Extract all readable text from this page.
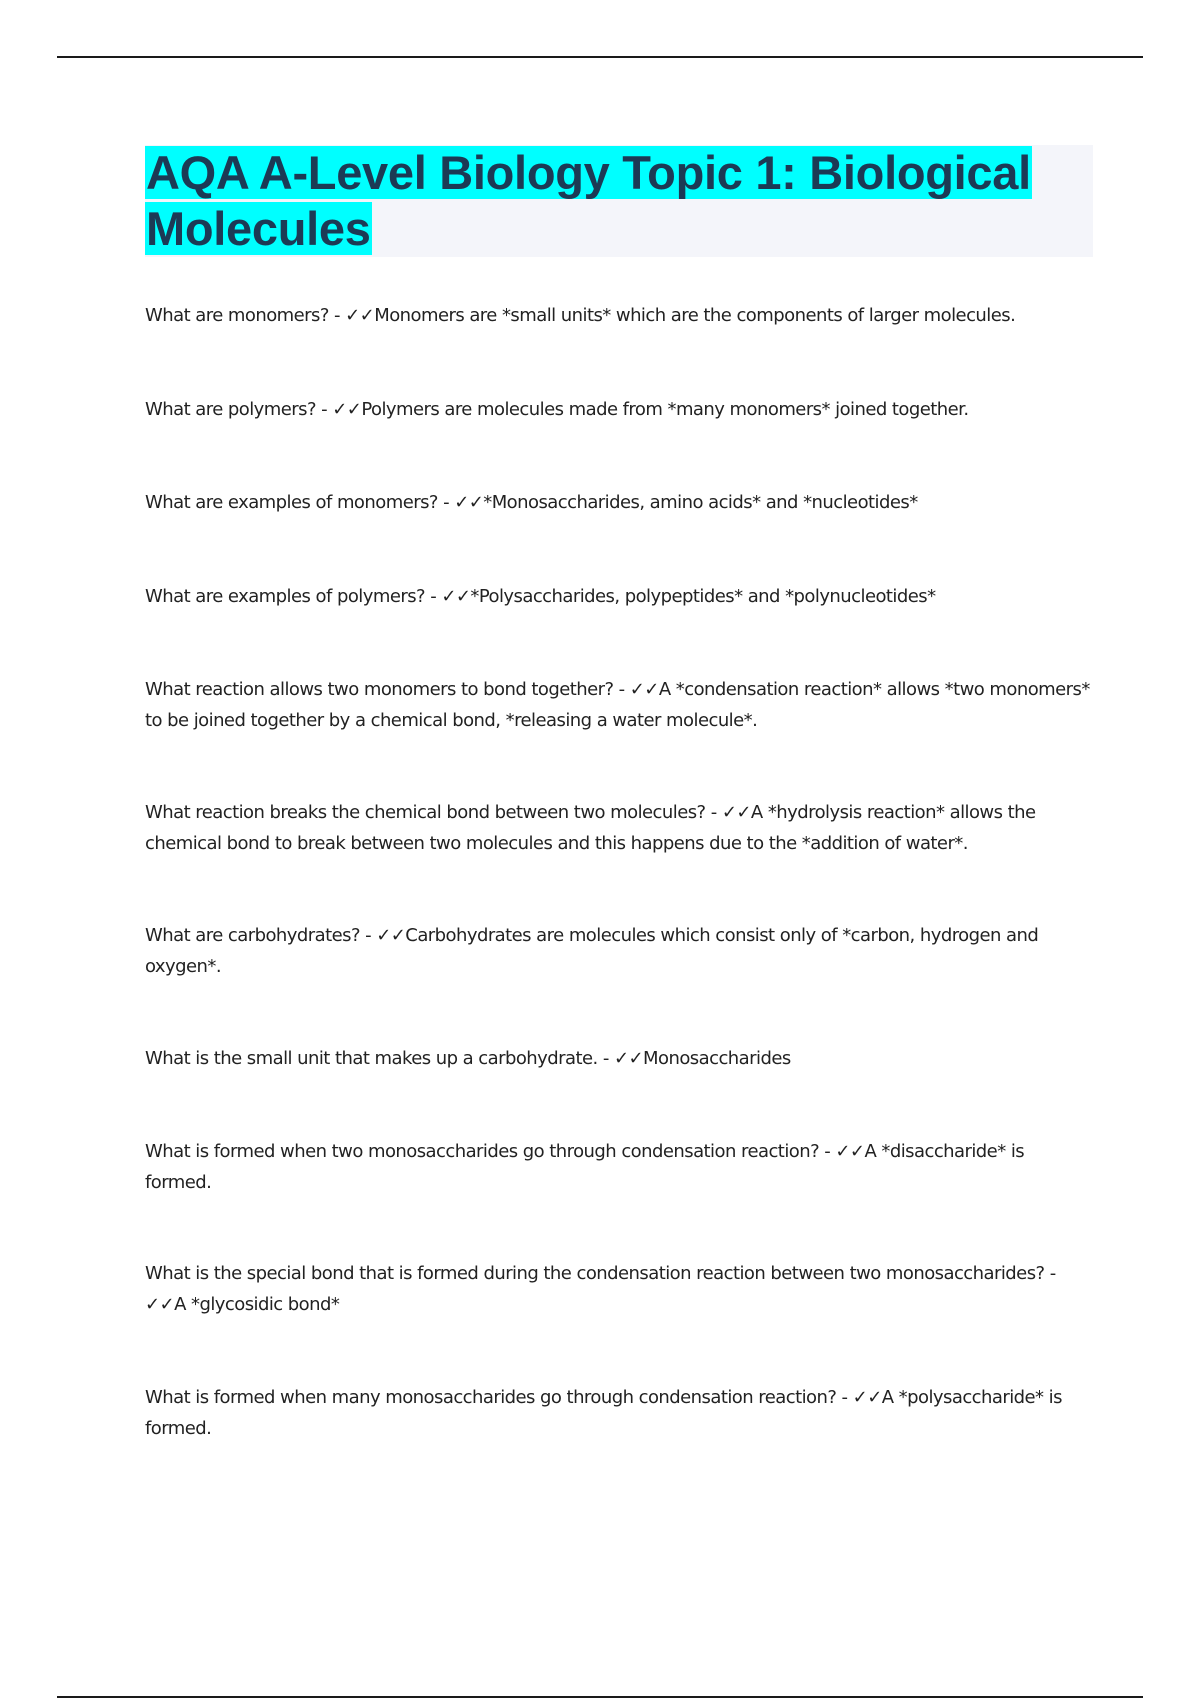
AQA A-Level Biology Topic 1: Biological Molecules

What are monomers? - ✓✓Monomers are *small units* which are the components of larger molecules.

What are polymers? - ✓✓Polymers are molecules made from *many monomers* joined together.

What are examples of monomers? - ✓✓*Monosaccharides, amino acids* and *nucleotides*

What are examples of polymers? - ✓✓*Polysaccharides, polypeptides* and *polynucleotides*

What reaction allows two monomers to bond together? - ✓✓A *condensation reaction* allows *two monomers* to be joined together by a chemical bond, *releasing a water molecule*.

What reaction breaks the chemical bond between two molecules? - ✓✓A *hydrolysis reaction* allows the chemical bond to break between two molecules and this happens due to the *addition of water*.

What are carbohydrates? - ✓✓Carbohydrates are molecules which consist only of *carbon, hydrogen and oxygen*.

What is the small unit that makes up a carbohydrate. - ✓✓Monosaccharides

What is formed when two monosaccharides go through condensation reaction? - ✓✓A *disaccharide* is formed.

What is the special bond that is formed during the condensation reaction between two monosaccharides? - ✓✓A *glycosidic bond*

What is formed when many monosaccharides go through condensation reaction? - ✓✓A *polysaccharide* is formed.
